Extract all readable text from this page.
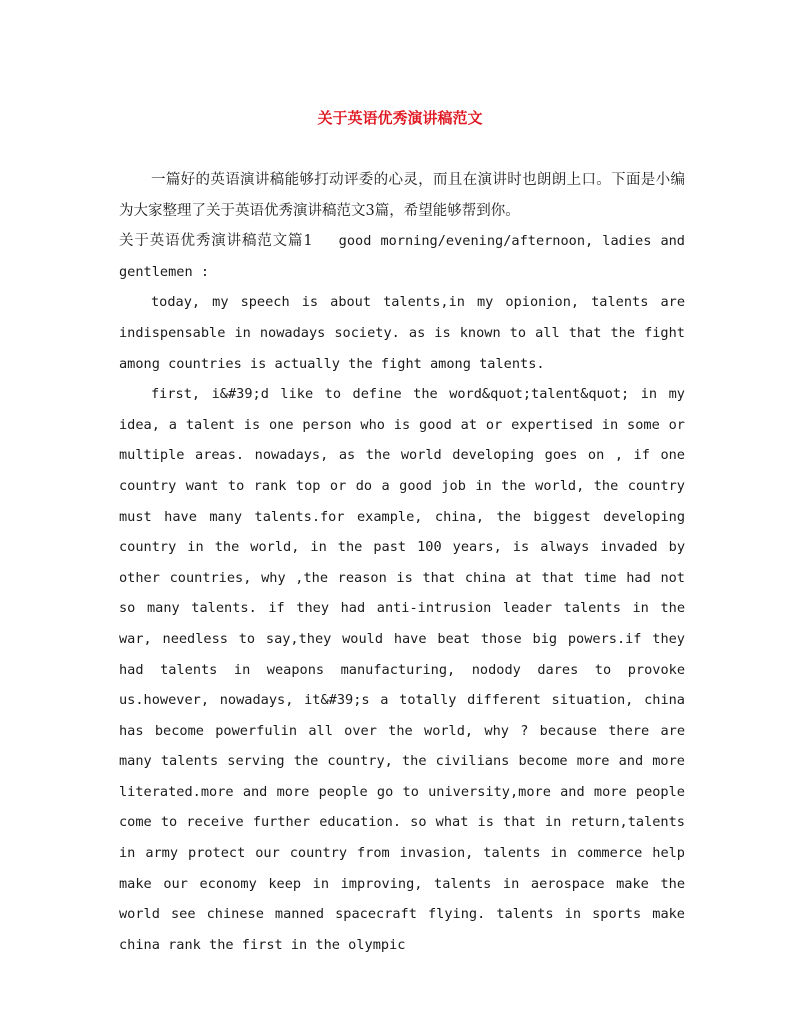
关于英语优秀演讲稿范文

一篇好的英语演讲稿能够打动评委的心灵，而且在演讲时也朗朗上口。下面是小编为大家整理了关于英语优秀演讲稿范文3篇，希望能够帮到你。

关于英语优秀演讲稿范文篇1 good morning/evening/afternoon, ladies and gentlemen :

today, my speech is about talents,in my opionion, talents are indispensable in nowadays society. as is known to all that the fight among countries is actually the fight among talents.

first, i&#39;d like to define the word&quot;talent&quot; in my idea, a talent is one person who is good at or expertised in some or multiple areas. nowadays, as the world developing goes on , if one country want to rank top or do a good job in the world, the country must have many talents.for example, china, the biggest developing country in the world, in the past 100 years, is always invaded by other countries, why ,the reason is that china at that time had not so many talents. if they had anti-intrusion leader talents in the war, needless to say,they would have beat those big powers.if they had talents in weapons manufacturing, nodody dares to provoke us.however, nowadays, it&#39;s a totally different situation, china has become powerfulin all over the world, why ? because there are many talents serving the country, the civilians become more and more literated.more and more people go to university,more and more people come to receive further education. so what is that in return,talents in army protect our country from invasion, talents in commerce help make our economy keep in improving, talents in aerospace make the world see chinese manned spacecraft flying. talents in sports make china rank the first in the olympic
